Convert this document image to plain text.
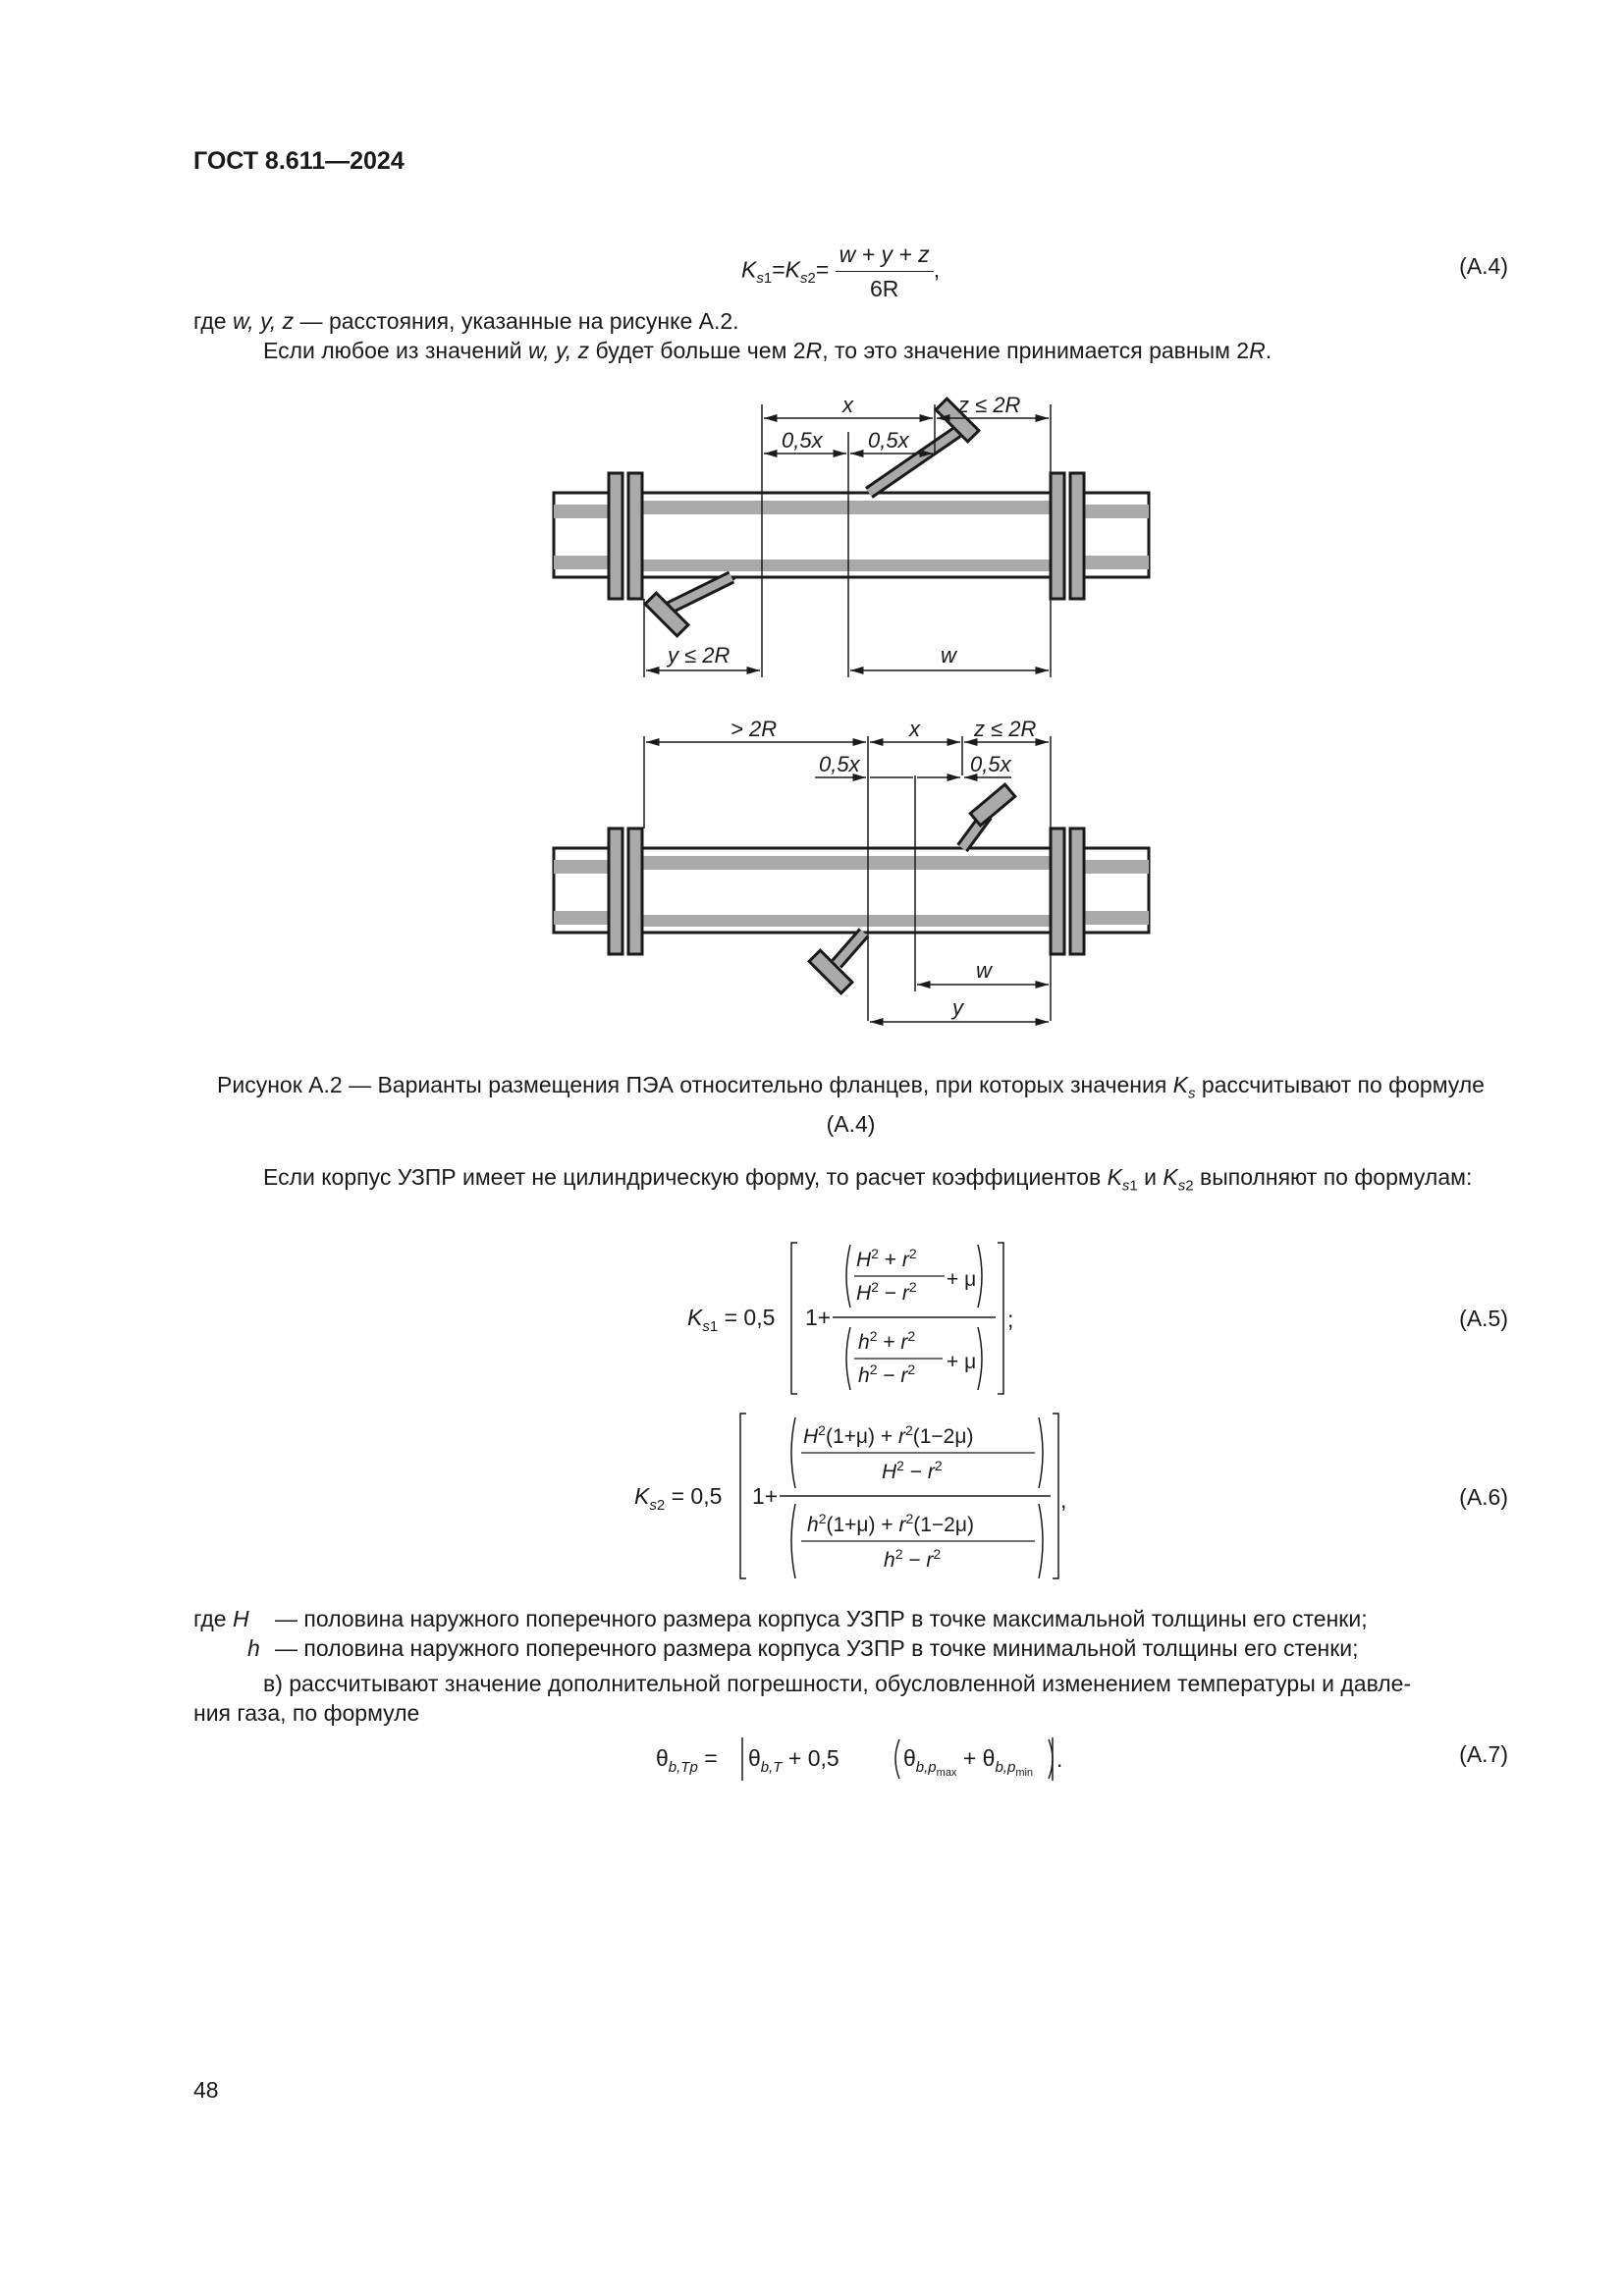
ГОСТ 8.611—2024
$K_{s1}=K_{s2}= \frac{w + y + z}{6R}$ ,	(А.4)
где w, y, z — расстояния, указанные на рисунке А.2.
Если любое из значений w, y, z будет больше чем 2R, то это значение принимается равным 2R.
x	z ≤ 2R
0,5x 0,5x
y ≤ 2R	w
> 2R	x	z ≤ 2R
0,5x	0,5x
w
y
Рисунок А.2 — Варианты размещения ПЭА относительно фланцев, при которых значения $K_s$ рассчитывают по формуле (А.4)
Если корпус УЗПР имеет не цилиндрическую форму, то расчет коэффициентов $K_{s1}$ и $K_{s2}$ выполняют по формулам:
$K_s1 = 0,5$ 1+
$H^2 + r^2$
$H^2 - r^2 + \mu$
$h^2 + r^2$
$h^2 - r^2 + \mu$
;	(А.5)
$K_s2 = 0,5$ 1+
$H^2(1+\mu) + r^2(1-2\mu)$
$H^2 - r^2$
$h^2(1+\mu) + r^2(1-2\mu)$
$h^2 - r^2$
,	(А.6)
где H — половина наружного поперечного размера корпуса УЗПР в точке максимальной толщины его стенки;
h — половина наружного поперечного размера корпуса УЗПР в точке минимальной толщины его стенки;
в) рассчитывают значение дополнительной погрешности, обусловленной изменением температуры и давле-
ния газа, по формуле
$\theta_{b,Tp} = \theta_{b,T} + 0,5$	$\theta_{b,p}\max + \theta_{b,p}\min$
.	(А.7)
48
